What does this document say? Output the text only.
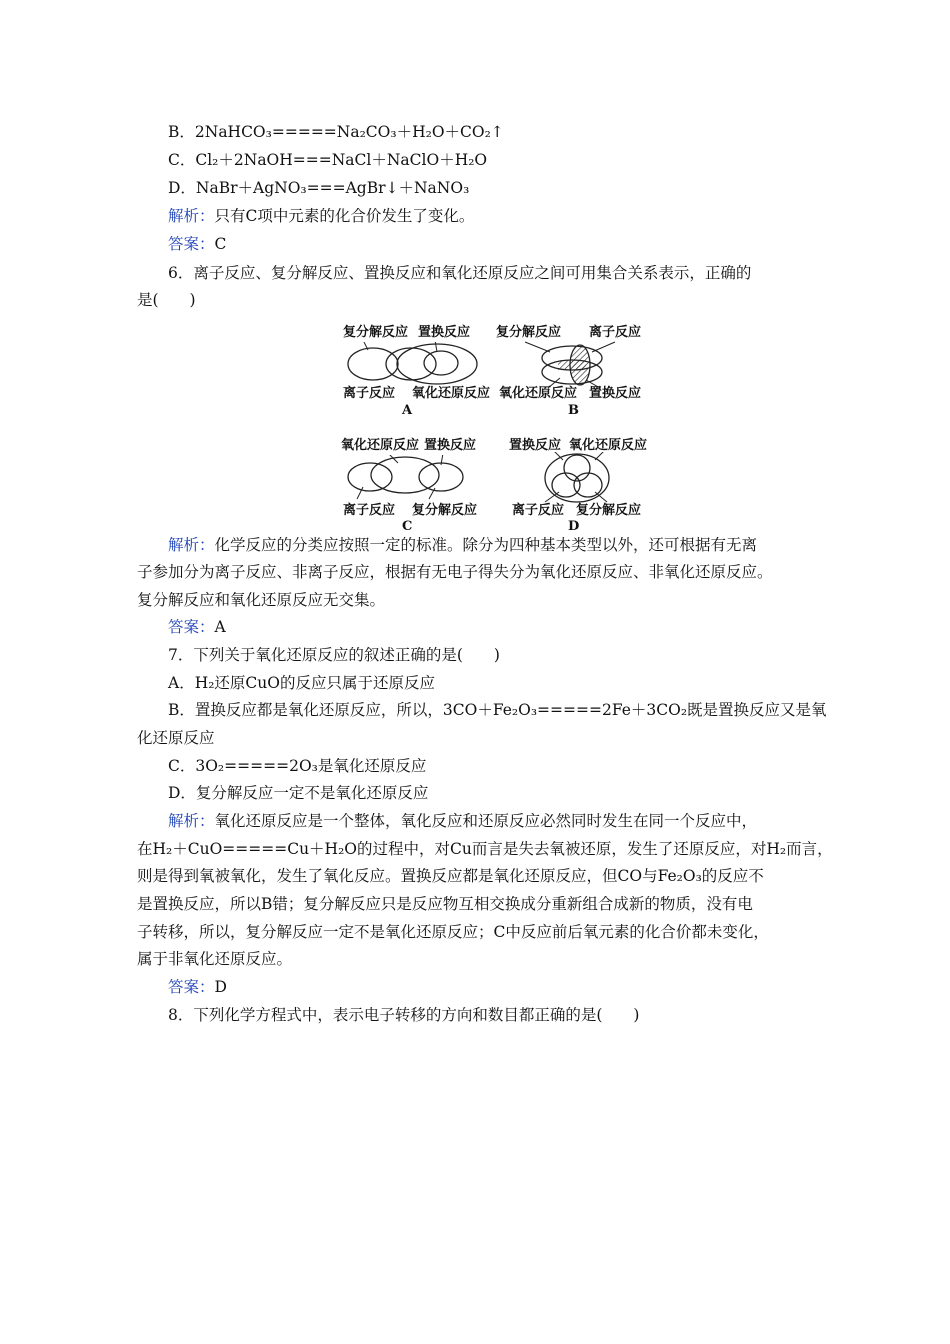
B．2NaHCO₃=====Na₂CO₃＋H₂O＋CO₂↑
C．Cl₂＋2NaOH===NaCl＋NaClO＋H₂O
D．NaBr＋AgNO₃===AgBr↓＋NaNO₃
解析：只有C项中元素的化合价发生了变化。
答案：C
6．离子反应、复分解反应、置换反应和氧化还原反应之间可用集合关系表示，正确的
是(　　)
复分解反应 置换反应
离子反应 氧化还原反应
A
复分解反应 离子反应
氧化还原反应 置换反应
B
氧化还原反应 置换反应
离子反应 复分解反应
C
置换反应 氧化还原反应
离子反应 复分解反应
D
解析：化学反应的分类应按照一定的标准。除分为四种基本类型以外，还可根据有无离
子参加分为离子反应、非离子反应，根据有无电子得失分为氧化还原反应、非氧化还原反应。
复分解反应和氧化还原反应无交集。
答案：A
7．下列关于氧化还原反应的叙述正确的是(　　)
A．H₂还原CuO的反应只属于还原反应
B．置换反应都是氧化还原反应，所以，3CO＋Fe₂O₃=====2Fe＋3CO₂既是置换反应又是氧
化还原反应
C．3O₂=====2O₃是氧化还原反应
D．复分解反应一定不是氧化还原反应
解析：氧化还原反应是一个整体，氧化反应和还原反应必然同时发生在同一个反应中，
在H₂＋CuO=====Cu＋H₂O的过程中，对Cu而言是失去氧被还原，发生了还原反应，对H₂而言，
则是得到氧被氧化，发生了氧化反应。置换反应都是氧化还原反应，但CO与Fe₂O₃的反应不
是置换反应，所以B错；复分解反应只是反应物互相交换成分重新组合成新的物质，没有电
子转移，所以，复分解反应一定不是氧化还原反应；C中反应前后氧元素的化合价都未变化，
属于非氧化还原反应。
答案：D
8．下列化学方程式中，表示电子转移的方向和数目都正确的是(　　)
